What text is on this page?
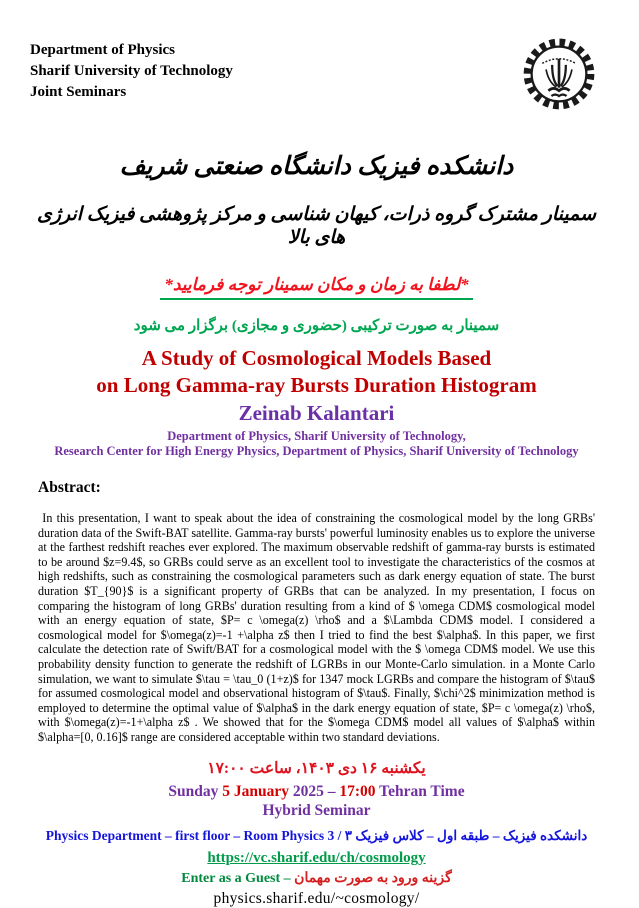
Department of Physics
Sharif University of Technology
Joint Seminars
دانشکده فیزیک دانشگاه صنعتی شریف
سمینار مشترک گروه ذرات، کیهان شناسی و مرکز پژوهشی فیزیک انرژی های بالا
*لطفا به زمان و مکان سمینار توجه فرمایید*
سمینار به صورت ترکیبی (حضوری و مجازی) برگزار می شود
A Study of Cosmological Models Based
on Long Gamma-ray Bursts Duration Histogram
Zeinab Kalantari
Department of Physics, Sharif University of Technology,
Research Center for High Energy Physics, Department of Physics, Sharif University of Technology
Abstract:
In this presentation, I want to speak about the idea of constraining the cosmological model by the long GRBs' duration data of the Swift-BAT satellite. Gamma-ray bursts' powerful luminosity enables us to explore the universe at the farthest redshift reaches ever explored. The maximum observable redshift of gamma-ray bursts is estimated to be around $z=9.4$, so GRBs could serve as an excellent tool to investigate the characteristics of the cosmos at high redshifts, such as constraining the cosmological parameters such as dark energy equation of state. The burst duration $T_{90}$ is a significant property of GRBs that can be analyzed. In my presentation, I focus on comparing the histogram of long GRBs' duration resulting from a kind of $ \omega CDM$ cosmological model with an energy equation of state, $P= c \omega(z) \rho$ and a $\Lambda CDM$ model. I considered a cosmological model for $\omega(z)=-1 +\alpha z$ then I tried to find the best $\alpha$. In this paper, we first calculate the detection rate of Swift/BAT for a cosmological model with the $ \omega CDM$ model. We use this probability density function to generate the redshift of LGRBs in our Monte-Carlo simulation. in a Monte Carlo simulation, we want to simulate $\tau = \tau_0 (1+z)$ for 1347 mock LGRBs and compare the histogram of $\tau$ for assumed cosmological model and observational histogram of $\tau$. Finally, $\chi^2$ minimization method is employed to determine the optimal value of $\alpha$ in the dark energy equation of state, $P= c \omega(z) \rho$, with $\omega(z)=-1+\alpha z$ . We showed that for the $\omega CDM$ model all values of $\alpha$ within $\alpha=[0, 0.16]$ range are considered acceptable within two standard deviations.
یکشنبه ۱۶ دی ۱۴۰۳، ساعت ۱۷:۰۰
Sunday 5 January 2025 – 17:00 Tehran Time
Hybrid Seminar
Physics Department – first floor – Room Physics 3 / دانشکده فیزیک – طبقه اول – کلاس فیزیک ۳
https://vc.sharif.edu/ch/cosmology
Enter as a Guest – گزینه ورود به صورت مهمان
physics.sharif.edu/~cosmology/
